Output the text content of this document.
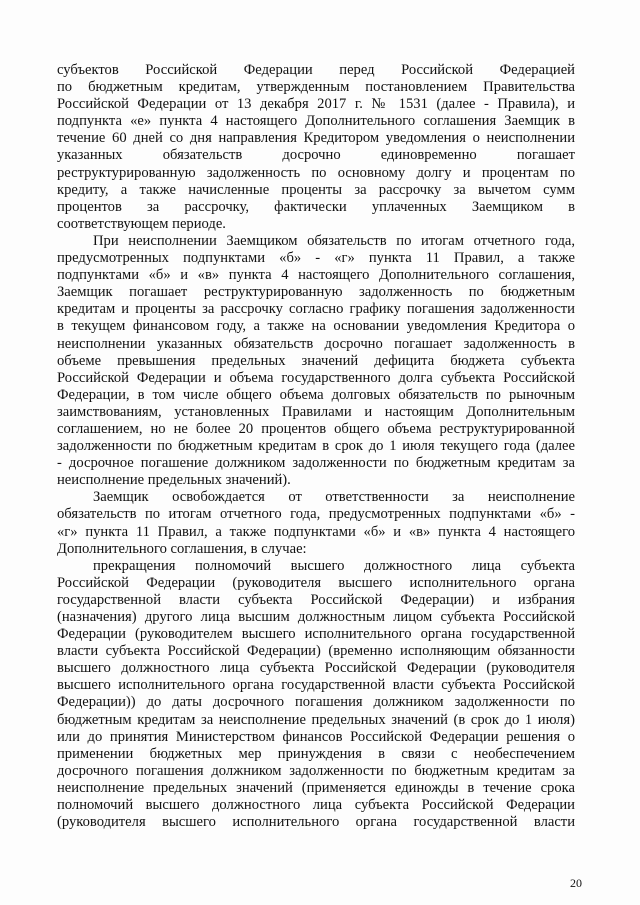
субъектов Российской Федерации перед Российской Федерацией
по бюджетным кредитам, утвержденным постановлением Правительства
Российской Федерации от 13 декабря 2017 г. № 1531 (далее - Правила), и
подпункта «е» пункта 4 настоящего Дополнительного соглашения Заемщик в
течение 60 дней со дня направления Кредитором уведомления о неисполнении
указанных обязательств досрочно единовременно погашает
реструктурированную задолженность по основному долгу и процентам по
кредиту, а также начисленные проценты за рассрочку за вычетом сумм
процентов за рассрочку, фактически уплаченных Заемщиком в
соответствующем периоде.
При неисполнении Заемщиком обязательств по итогам отчетного года,
предусмотренных подпунктами «б» - «г» пункта 11 Правил, а также
подпунктами «б» и «в» пункта 4 настоящего Дополнительного соглашения,
Заемщик погашает реструктурированную задолженность по бюджетным
кредитам и проценты за рассрочку согласно графику погашения задолженности
в текущем финансовом году, а также на основании уведомления Кредитора о
неисполнении указанных обязательств досрочно погашает задолженность в
объеме превышения предельных значений дефицита бюджета субъекта
Российской Федерации и объема государственного долга субъекта Российской
Федерации, в том числе общего объема долговых обязательств по рыночным
заимствованиям, установленных Правилами и настоящим Дополнительным
соглашением, но не более 20 процентов общего объема реструктурированной
задолженности по бюджетным кредитам в срок до 1 июля текущего года (далее
- досрочное погашение должником задолженности по бюджетным кредитам за
неисполнение предельных значений).
Заемщик освобождается от ответственности за неисполнение
обязательств по итогам отчетного года, предусмотренных подпунктами «б» -
«г» пункта 11 Правил, а также подпунктами «б» и «в» пункта 4 настоящего
Дополнительного соглашения, в случае:
прекращения полномочий высшего должностного лица субъекта
Российской Федерации (руководителя высшего исполнительного органа
государственной власти субъекта Российской Федерации) и избрания
(назначения) другого лица высшим должностным лицом субъекта Российской
Федерации (руководителем высшего исполнительного органа государственной
власти субъекта Российской Федерации) (временно исполняющим обязанности
высшего должностного лица субъекта Российской Федерации (руководителя
высшего исполнительного органа государственной власти субъекта Российской
Федерации)) до даты досрочного погашения должником задолженности по
бюджетным кредитам за неисполнение предельных значений (в срок до 1 июля)
или до принятия Министерством финансов Российской Федерации решения о
применении бюджетных мер принуждения в связи с необеспечением
досрочного погашения должником задолженности по бюджетным кредитам за
неисполнение предельных значений (применяется единожды в течение срока
полномочий высшего должностного лица субъекта Российской Федерации
(руководителя высшего исполнительного органа государственной власти
20
